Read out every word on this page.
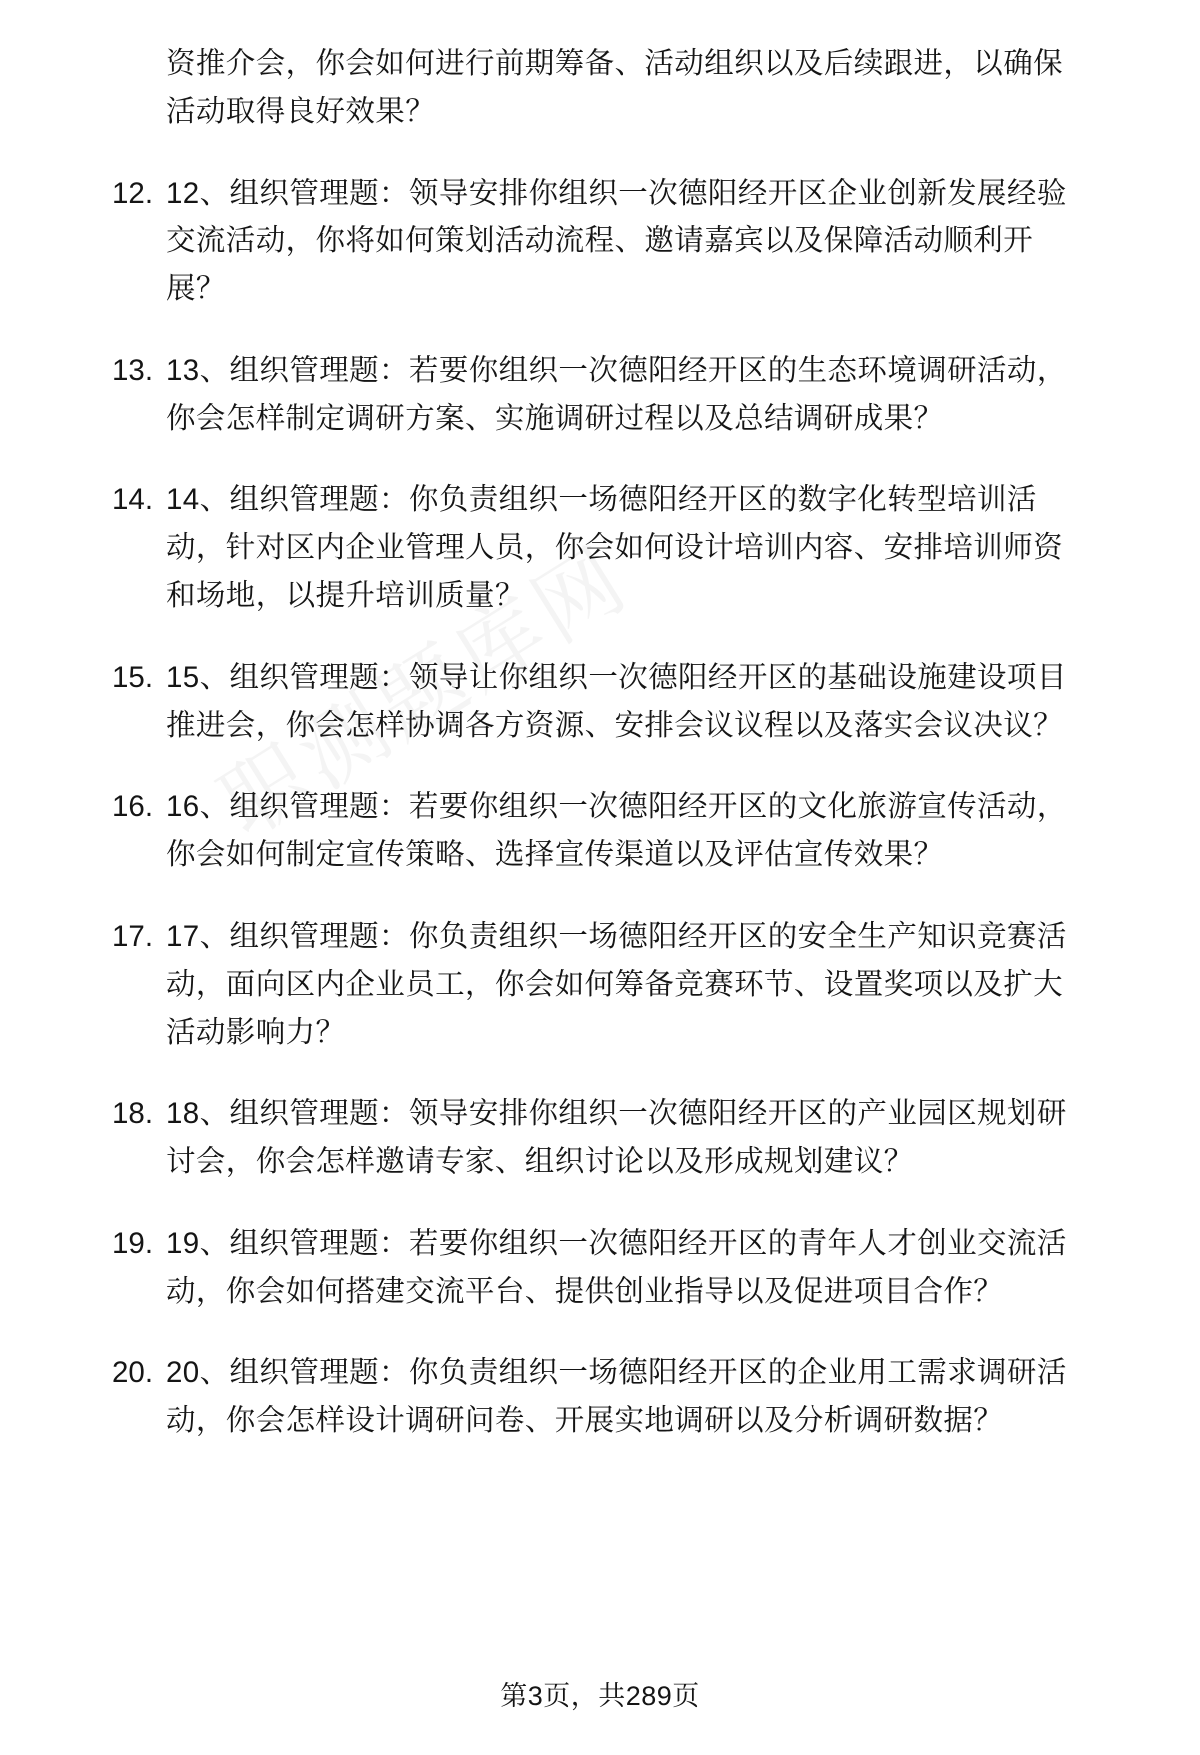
资推介会，你会如何进行前期筹备、活动组织以及后续跟进，以确保活动取得良好效果？

12. 12、组织管理题：领导安排你组织一次德阳经开区企业创新发展经验交流活动，你将如何策划活动流程、邀请嘉宾以及保障活动顺利开展？
13. 13、组织管理题：若要你组织一次德阳经开区的生态环境调研活动，你会怎样制定调研方案、实施调研过程以及总结调研成果？
14. 14、组织管理题：你负责组织一场德阳经开区的数字化转型培训活动，针对区内企业管理人员，你会如何设计培训内容、安排培训师资和场地，以提升培训质量？
15. 15、组织管理题：领导让你组织一次德阳经开区的基础设施建设项目推进会，你会怎样协调各方资源、安排会议议程以及落实会议决议？
16. 16、组织管理题：若要你组织一次德阳经开区的文化旅游宣传活动，你会如何制定宣传策略、选择宣传渠道以及评估宣传效果？
17. 17、组织管理题：你负责组织一场德阳经开区的安全生产知识竞赛活动，面向区内企业员工，你会如何筹备竞赛环节、设置奖项以及扩大活动影响力？
18. 18、组织管理题：领导安排你组织一次德阳经开区的产业园区规划研讨会，你会怎样邀请专家、组织讨论以及形成规划建议？
19. 19、组织管理题：若要你组织一次德阳经开区的青年人才创业交流活动，你会如何搭建交流平台、提供创业指导以及促进项目合作？
20. 20、组织管理题：你负责组织一场德阳经开区的企业用工需求调研活动，你会怎样设计调研问卷、开展实地调研以及分析调研数据？
第3页，共289页
